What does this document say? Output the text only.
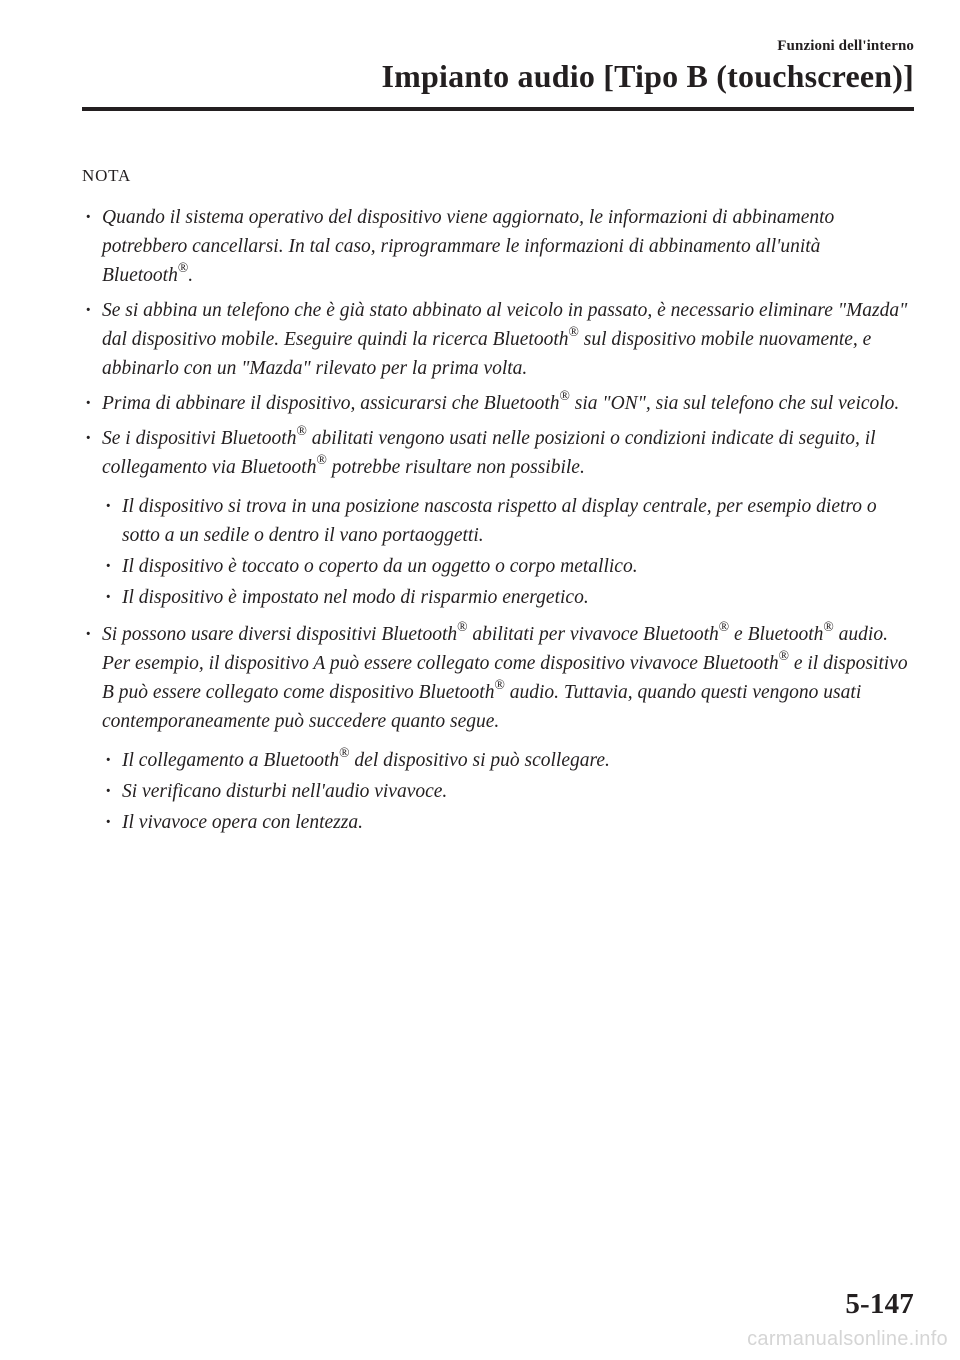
Funzioni dell'interno
Impianto audio [Tipo B (touchscreen)]
NOTA
· Quando il sistema operativo del dispositivo viene aggiornato, le informazioni di abbinamento potrebbero cancellarsi. In tal caso, riprogrammare le informazioni di abbinamento all'unità Bluetooth®.
· Se si abbina un telefono che è già stato abbinato al veicolo in passato, è necessario eliminare "Mazda" dal dispositivo mobile. Eseguire quindi la ricerca Bluetooth® sul dispositivo mobile nuovamente, e abbinarlo con un "Mazda" rilevato per la prima volta.
· Prima di abbinare il dispositivo, assicurarsi che Bluetooth® sia "ON", sia sul telefono che sul veicolo.
· Se i dispositivi Bluetooth® abilitati vengono usati nelle posizioni o condizioni indicate di seguito, il collegamento via Bluetooth® potrebbe risultare non possibile.
· Il dispositivo si trova in una posizione nascosta rispetto al display centrale, per esempio dietro o sotto a un sedile o dentro il vano portaoggetti.
· Il dispositivo è toccato o coperto da un oggetto o corpo metallico.
· Il dispositivo è impostato nel modo di risparmio energetico.
· Si possono usare diversi dispositivi Bluetooth® abilitati per vivavoce Bluetooth® e Bluetooth® audio. Per esempio, il dispositivo A può essere collegato come dispositivo vivavoce Bluetooth® e il dispositivo B può essere collegato come dispositivo Bluetooth® audio. Tuttavia, quando questi vengono usati contemporaneamente può succedere quanto segue.
· Il collegamento a Bluetooth® del dispositivo si può scollegare.
· Si verificano disturbi nell'audio vivavoce.
· Il vivavoce opera con lentezza.
5-147
carmanualsonline.info
